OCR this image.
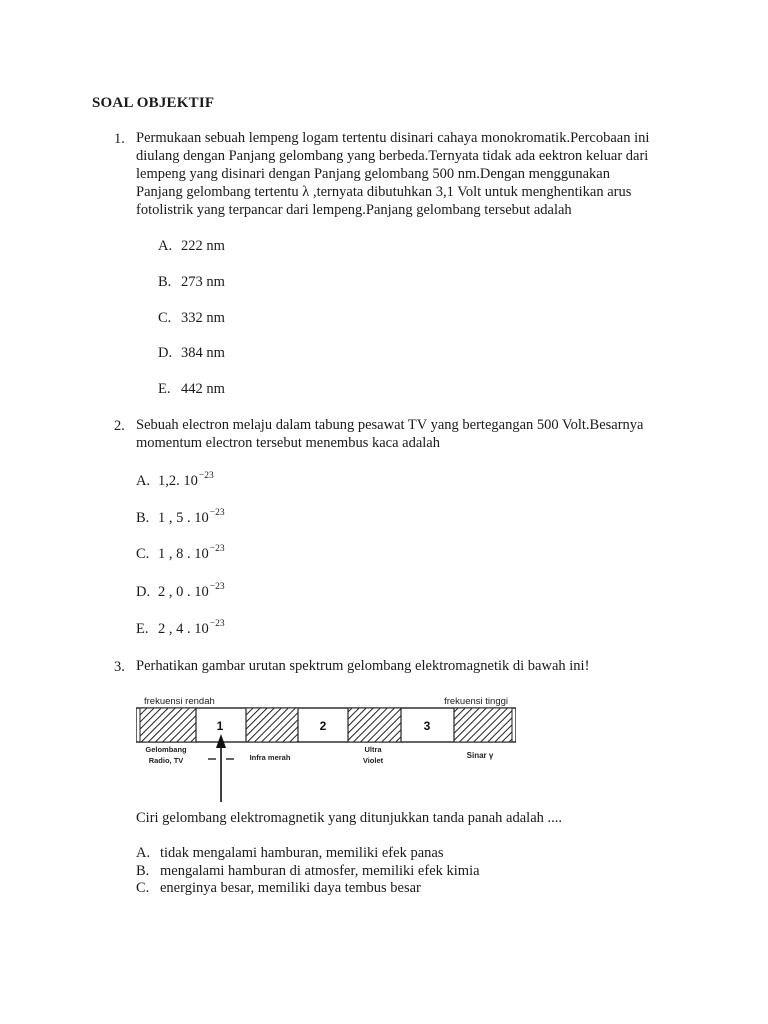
SOAL OBJEKTIF
1. Permukaan sebuah lempeng logam tertentu disinari cahaya monokromatik.Percobaan ini
diulang dengan Panjang gelombang yang berbeda.Ternyata tidak ada eektron keluar dari
lempeng yang disinari dengan Panjang gelombang 500 nm.Dengan menggunakan
Panjang gelombang tertentu λ ,ternyata dibutuhkan 3,1 Volt untuk menghentikan arus
fotolistrik yang terpancar dari lempeng.Panjang gelombang tersebut adalah
A. 222 nm
B. 273 nm
C. 332 nm
D. 384 nm
E. 442 nm
2. Sebuah electron melaju dalam tabung pesawat TV yang bertegangan 500 Volt.Besarnya
momentum electron tersebut menembus kaca adalah
A. 1,2. $10^{-23}$
B. 1 , 5 . $10^{-23}$
C. 1 , 8 . $10^{-23}$
D. 2 , 0 . $10^{-23}$
E. 2 , 4 . $10^{-23}$
3. Perhatikan gambar urutan spektrum gelombang elektromagnetik di bawah ini!
frekuensi rendah	frekuensi tinggi
1	2	3
Gelombang
Radio, TV	Infra merah
Ultra
Violet
Sinar γ
Ciri gelombang elektromagnetik yang ditunjukkan tanda panah adalah ....
A. tidak mengalami hamburan, memiliki efek panas
B. mengalami hamburan di atmosfer, memiliki efek kimia
C. energinya besar, memiliki daya tembus besar
